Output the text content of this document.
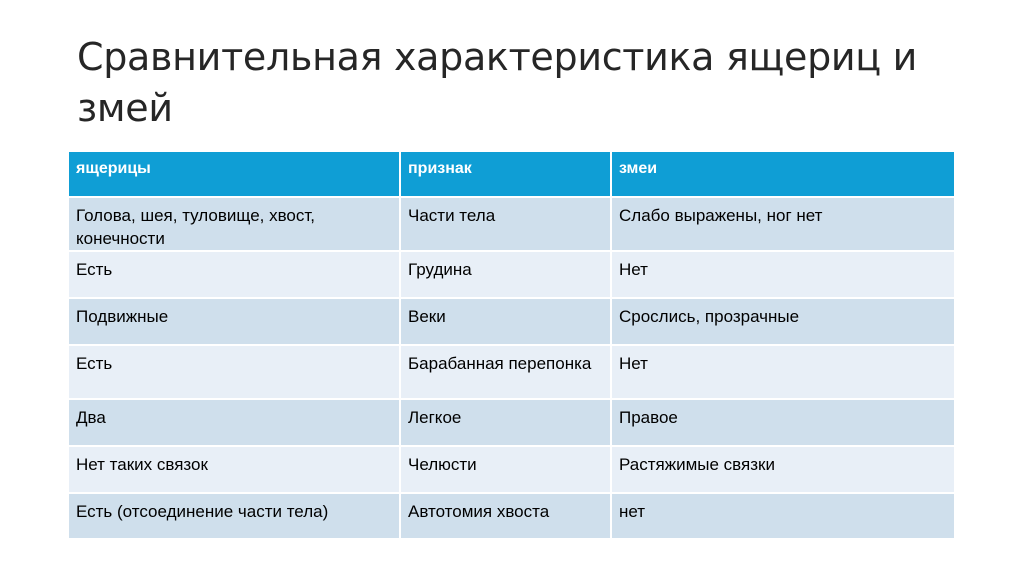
Сравнительная характеристика ящериц и змей
ящерицы	признак	змеи
Голова, шея, туловище, хвост, конечности	Части тела	Слабо выражены, ног нет
Есть	Грудина	Нет
Подвижные	Веки	Срослись, прозрачные
Есть	Барабанная перепонка	Нет
Два	Легкое	Правое
Нет таких связок	Челюсти	Растяжимые связки
Есть (отсоединение части тела)	Автотомия хвоста	нет
